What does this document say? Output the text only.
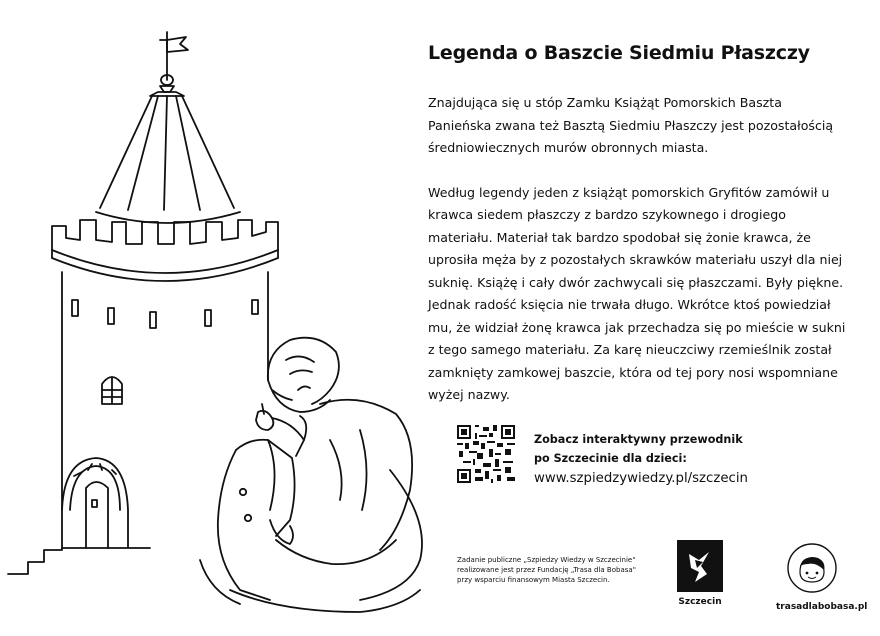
Legenda o Baszcie Siedmiu Płaszczy

Znajdująca się u stóp Zamku Książąt Pomorskich Baszta Panieńska zwana też Basztą Siedmiu Płaszczy jest pozostałością średniowiecznych murów obronnych miasta.

Według legendy jeden z książąt pomorskich Gryfitów zamówił u krawca siedem płaszczy z bardzo szykownego i drogiego materiału. Materiał tak bardzo spodobał się żonie krawca, że uprosiła męża by z pozostałych skrawków materiału uszył dla niej suknię. Książę i cały dwór zachwycali się płaszczami. Były piękne. Jednak radość księcia nie trwała długo. Wkrótce ktoś powiedział mu, że widział żonę krawca jak przechadza się po mieście w sukni z tego samego materiału. Za karę nieuczciwy rzemieślnik został zamknięty zamkowej baszcie, która od tej pory nosi wspomniane wyżej nazwy.

Zobacz interaktywny przewodnik
po Szczecinie dla dzieci:
www.szpiedzywiedzy.pl/szczecin
Zadanie publiczne „Szpiedzy Wiedzy w Szczecinie"
realizowane jest przez Fundację „Trasa dla Bobasa"
przy wsparciu finansowym Miasta Szczecin.
Szczecin	trasadlabobasa.pl
